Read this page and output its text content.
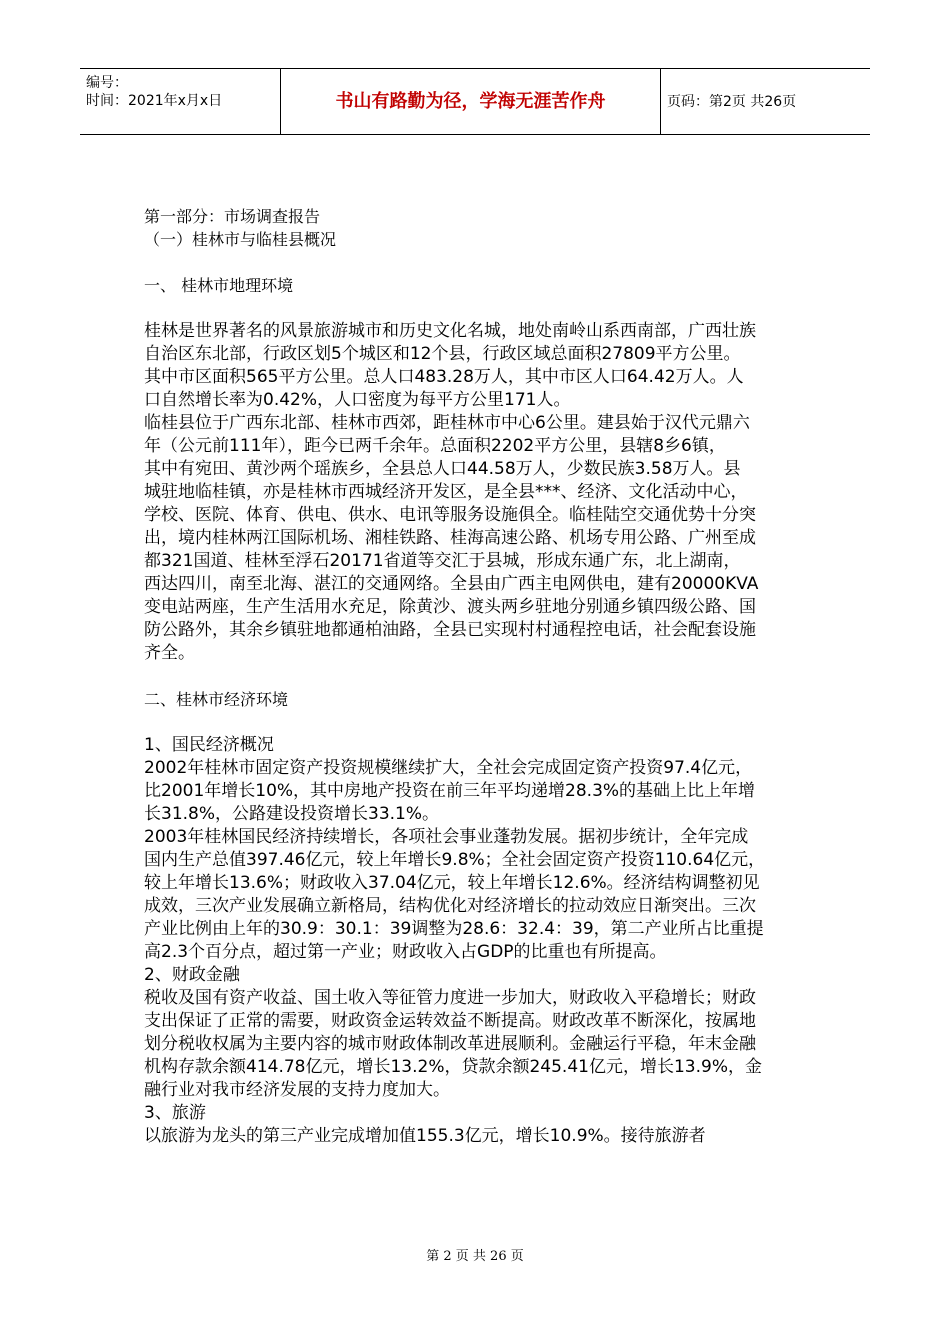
编号：
时间：2021年x月x日	书山有路勤为径，学海无涯苦作舟	页码：第2页 共26页
第一部分：市场调查报告
（一）桂林市与临桂县概况
一、 桂林市地理环境
桂林是世界著名的风景旅游城市和历史文化名城，地处南岭山系西南部，广西壮族
自治区东北部，行政区划5个城区和12个县，行政区域总面积27809平方公里。
其中市区面积565平方公里。总人口483.28万人，其中市区人口64.42万人。人
口自然增长率为0.42%，人口密度为每平方公里171人。
临桂县位于广西东北部、桂林市西郊，距桂林市中心6公里。建县始于汉代元鼎六
年（公元前111年），距今已两千余年。总面积2202平方公里，县辖8乡6镇，
其中有宛田、黄沙两个瑶族乡，全县总人口44.58万人，少数民族3.58万人。县
城驻地临桂镇，亦是桂林市西城经济开发区，是全县***、经济、文化活动中心，
学校、医院、体育、供电、供水、电讯等服务设施俱全。临桂陆空交通优势十分突
出，境内桂林两江国际机场、湘桂铁路、桂海高速公路、机场专用公路、广州至成
都321国道、桂林至浮石20171省道等交汇于县城，形成东通广东，北上湖南，
西达四川，南至北海、湛江的交通网络。全县由广西主电网供电，建有20000KVA
变电站两座，生产生活用水充足，除黄沙、渡头两乡驻地分别通乡镇四级公路、国
防公路外，其余乡镇驻地都通柏油路，全县已实现村村通程控电话，社会配套设施
齐全。
二、桂林市经济环境
1、国民经济概况
2002年桂林市固定资产投资规模继续扩大，全社会完成固定资产投资97.4亿元，
比2001年增长10%，其中房地产投资在前三年平均递增28.3%的基础上比上年增
长31.8%，公路建设投资增长33.1%。
2003年桂林国民经济持续增长，各项社会事业蓬勃发展。据初步统计，全年完成
国内生产总值397.46亿元，较上年增长9.8%；全社会固定资产投资110.64亿元，
较上年增长13.6%；财政收入37.04亿元，较上年增长12.6%。经济结构调整初见
成效，三次产业发展确立新格局，结构优化对经济增长的拉动效应日渐突出。三次
产业比例由上年的30.9：30.1：39调整为28.6：32.4：39，第二产业所占比重提
高2.3个百分点，超过第一产业；财政收入占GDP的比重也有所提高。
2、财政金融
税收及国有资产收益、国土收入等征管力度进一步加大，财政收入平稳增长；财政
支出保证了正常的需要，财政资金运转效益不断提高。财政改革不断深化，按属地
划分税收权属为主要内容的城市财政体制改革进展顺利。金融运行平稳，年末金融
机构存款余额414.78亿元，增长13.2%，贷款余额245.41亿元，增长13.9%，金
融行业对我市经济发展的支持力度加大。
3、旅游
以旅游为龙头的第三产业完成增加值155.3亿元，增长10.9%。接待旅游者
第 2 页 共 26 页
